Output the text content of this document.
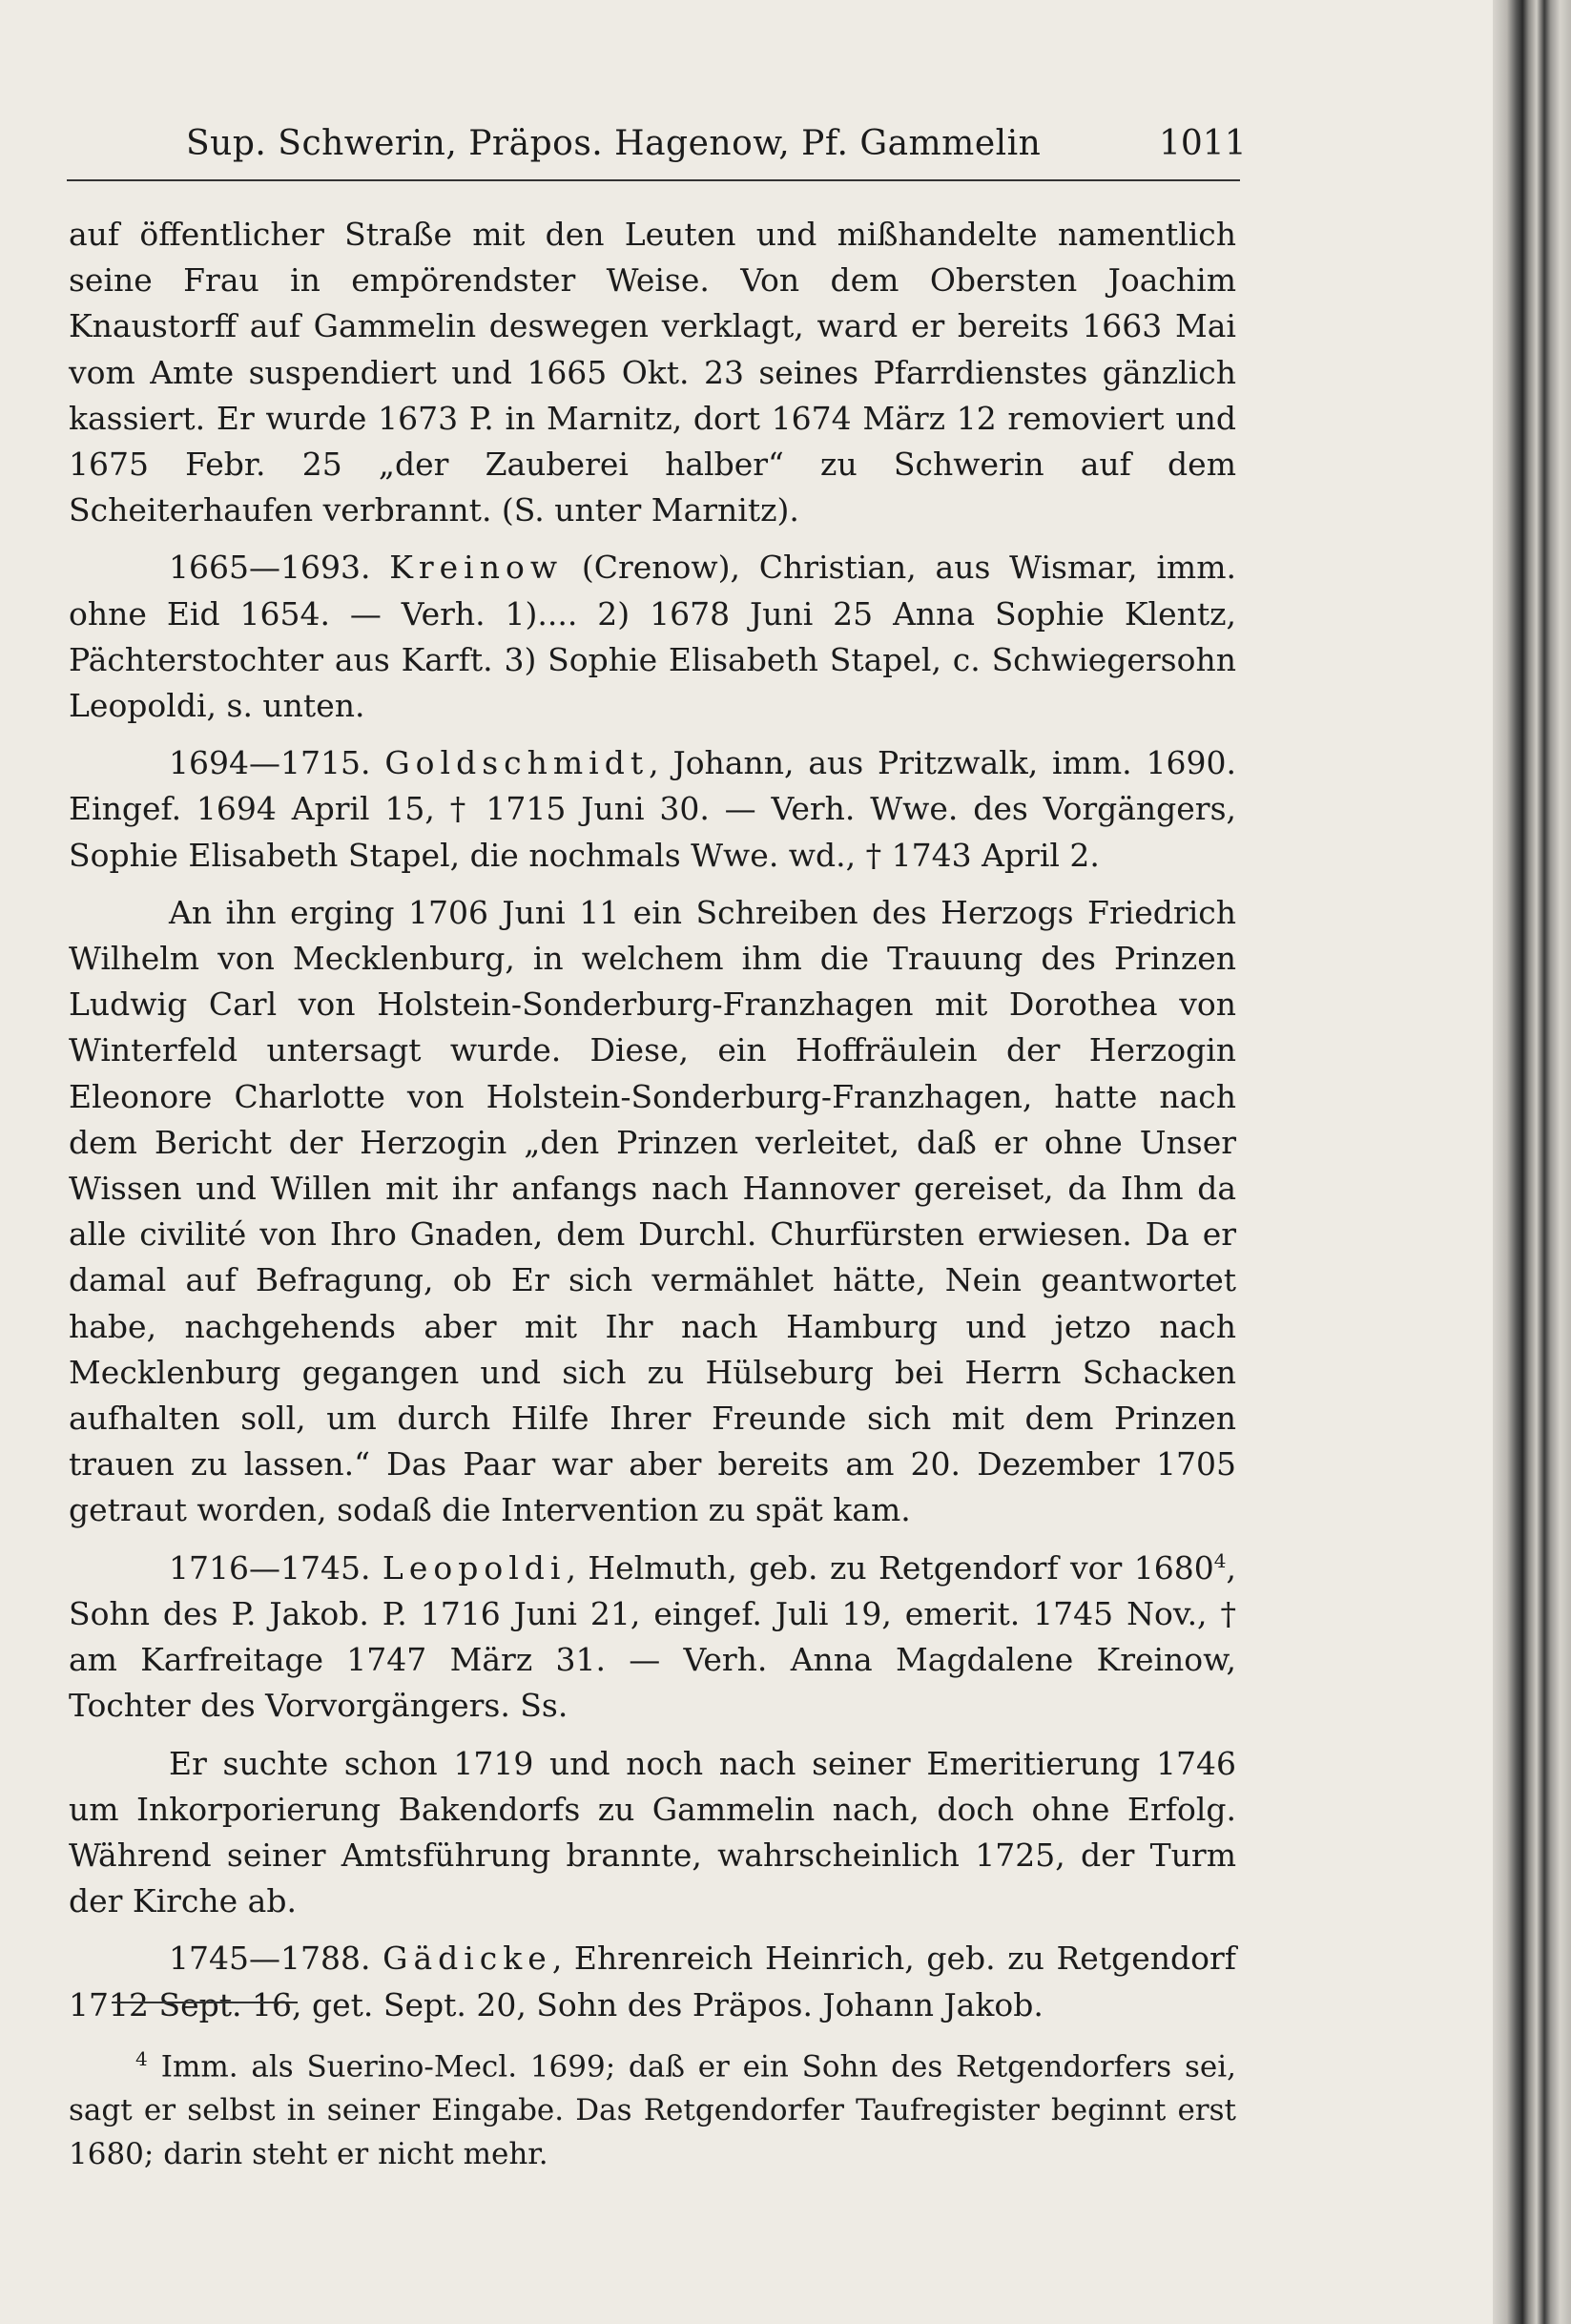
Sup. Schwerin, Präpos. Hagenow, Pf. Gammelin	1011

auf öffentlicher Straße mit den Leuten und mißhandelte namentlich seine Frau in empörendster Weise. Von dem Obersten Joachim Knaustorff auf Gammelin deswegen verklagt, ward er bereits 1663 Mai vom Amte suspendiert und 1665 Okt. 23 seines Pfarrdienstes gänzlich kassiert. Er wurde 1673 P. in Marnitz, dort 1674 März 12 removiert und 1675 Febr. 25 „der Zauberei halber“ zu Schwerin auf dem Scheiterhaufen verbrannt. (S. unter Marnitz).

1665—1693. Kreinow (Crenow), Christian, aus Wismar, imm. ohne Eid 1654. — Verh. 1).... 2) 1678 Juni 25 Anna Sophie Klentz, Pächterstochter aus Karft. 3) Sophie Elisabeth Stapel, c. Schwiegersohn Leopoldi, s. unten.

1694—1715. Goldschmidt, Johann, aus Pritzwalk, imm. 1690. Eingef. 1694 April 15, † 1715 Juni 30. — Verh. Wwe. des Vorgängers, Sophie Elisabeth Stapel, die nochmals Wwe. wd., † 1743 April 2.

An ihn erging 1706 Juni 11 ein Schreiben des Herzogs Friedrich Wilhelm von Mecklenburg, in welchem ihm die Trauung des Prinzen Ludwig Carl von Holstein-Sonderburg-Franzhagen mit Dorothea von Winterfeld untersagt wurde. Diese, ein Hoffräulein der Herzogin Eleonore Charlotte von Holstein-Sonderburg-Franzhagen, hatte nach dem Bericht der Herzogin „den Prinzen verleitet, daß er ohne Unser Wissen und Willen mit ihr anfangs nach Hannover gereiset, da Ihm da alle civilité von Ihro Gnaden, dem Durchl. Churfürsten erwiesen. Da er damal auf Befragung, ob Er sich vermählet hätte, Nein geantwortet habe, nachgehends aber mit Ihr nach Hamburg und jetzo nach Mecklenburg gegangen und sich zu Hülseburg bei Herrn Schacken aufhalten soll, um durch Hilfe Ihrer Freunde sich mit dem Prinzen trauen zu lassen.“ Das Paar war aber bereits am 20. Dezember 1705 getraut worden, sodaß die Intervention zu spät kam.

1716—1745. Leopoldi, Helmuth, geb. zu Retgendorf vor 1680$^4$, Sohn des P. Jakob. P. 1716 Juni 21, eingef. Juli 19, emerit. 1745 Nov., † am Karfreitage 1747 März 31. — Verh. Anna Magdalene Kreinow, Tochter des Vorvorgängers. Ss.

Er suchte schon 1719 und noch nach seiner Emeritierung 1746 um Inkorporierung Bakendorfs zu Gammelin nach, doch ohne Erfolg. Während seiner Amtsführung brannte, wahrscheinlich 1725, der Turm der Kirche ab.

1745—1788. Gädicke, Ehrenreich Heinrich, geb. zu Retgendorf 1712 Sept. 16, get. Sept. 20, Sohn des Präpos. Johann Jakob.

$^4$ Imm. als Suerino-Mecl. 1699; daß er ein Sohn des Retgendorfers sei, sagt er selbst in seiner Eingabe. Das Retgendorfer Taufregister beginnt erst 1680; darin steht er nicht mehr.
